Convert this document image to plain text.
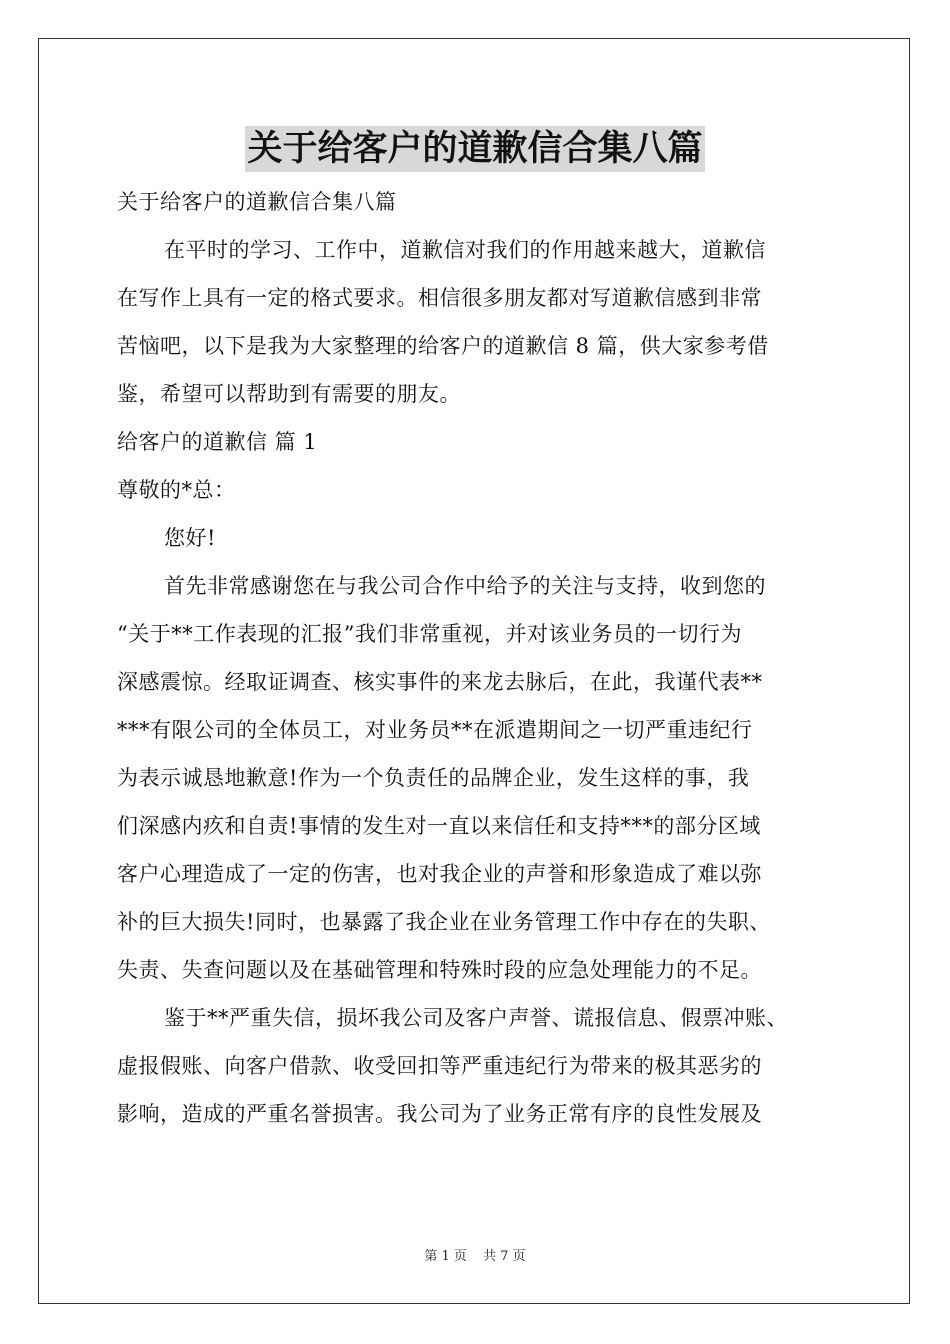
关于给客户的道歉信合集八篇
关于给客户的道歉信合集八篇
在平时的学习、工作中，道歉信对我们的作用越来越大，道歉信
在写作上具有一定的格式要求。相信很多朋友都对写道歉信感到非常
苦恼吧，以下是我为大家整理的给客户的道歉信 8 篇，供大家参考借
鉴，希望可以帮助到有需要的朋友。
给客户的道歉信 篇 1
尊敬的*总：
您好!
首先非常感谢您在与我公司合作中给予的关注与支持，收到您的
“关于**工作表现的汇报”我们非常重视，并对该业务员的一切行为
深感震惊。经取证调查、核实事件的来龙去脉后，在此，我谨代表**
***有限公司的全体员工，对业务员**在派遣期间之一切严重违纪行
为表示诚恳地歉意!作为一个负责任的品牌企业，发生这样的事，我
们深感内疚和自责!事情的发生对一直以来信任和支持***的部分区域
客户心理造成了一定的伤害，也对我企业的声誉和形象造成了难以弥
补的巨大损失!同时，也暴露了我企业在业务管理工作中存在的失职、
失责、失查问题以及在基础管理和特殊时段的应急处理能力的不足。
鉴于**严重失信，损坏我公司及客户声誉、谎报信息、假票冲账、
虚报假账、向客户借款、收受回扣等严重违纪行为带来的极其恶劣的
影响，造成的严重名誉损害。我公司为了业务正常有序的良性发展及
第 1 页 共 7 页
